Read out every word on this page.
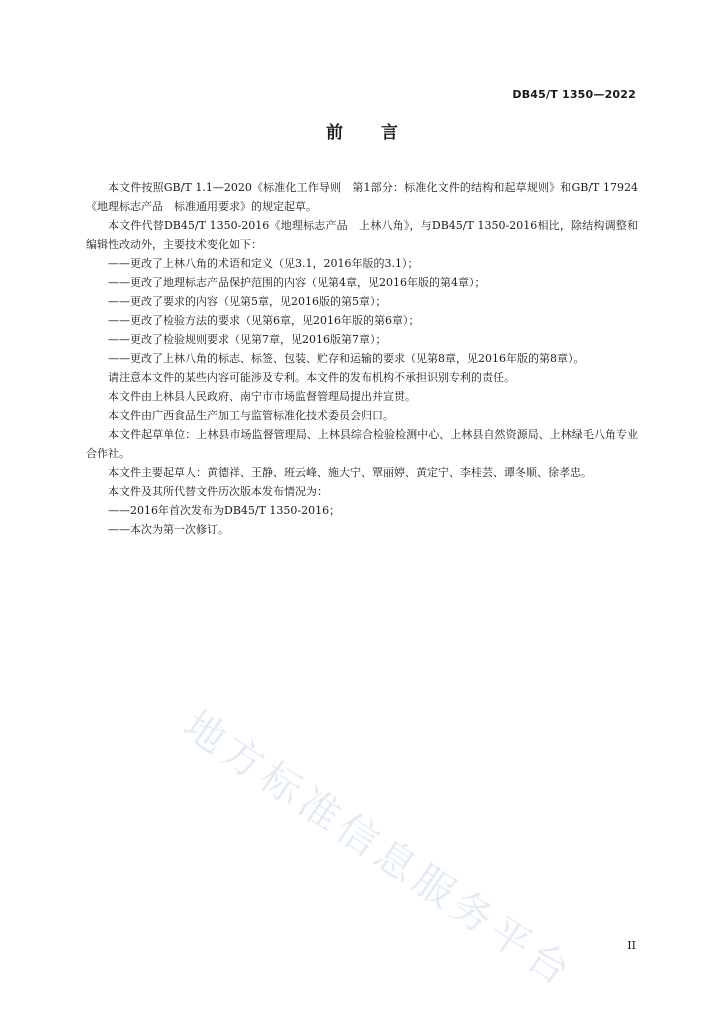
DB45/T 1350—2022
前言

本文件按照GB/T 1.1—2020《标准化工作导则　第1部分：标准化文件的结构和起草规则》和GB/T 17924《地理标志产品　标准通用要求》的规定起草。

本文件代替DB45/T 1350-2016《地理标志产品　上林八角》，与DB45/T 1350-2016相比，除结构调整和编辑性改动外，主要技术变化如下：

——更改了上林八角的术语和定义（见3.1，2016年版的3.1）；

——更改了地理标志产品保护范围的内容（见第4章，见2016年版的第4章）；

——更改了要求的内容（见第5章，见2016版的第5章）；

——更改了检验方法的要求（见第6章，见2016年版的第6章）；

——更改了检验规则要求（见第7章，见2016版第7章）；

——更改了上林八角的标志、标签、包装、贮存和运输的要求（见第8章，见2016年版的第8章）。

请注意本文件的某些内容可能涉及专利。本文件的发布机构不承担识别专利的责任。

本文件由上林县人民政府、南宁市市场监督管理局提出并宣贯。

本文件由广西食品生产加工与监管标准化技术委员会归口。

本文件起草单位：上林县市场监督管理局、上林县综合检验检测中心、上林县自然资源局、上林绿毛八角专业合作社。

本文件主要起草人：黄德祥、王静、班云峰、施大宁、覃丽婷、黄定宁、李桂芸、谭冬顺、徐孝忠。

本文件及其所代替文件历次版本发布情况为：

——2016年首次发布为DB45/T 1350-2016；

——本次为第一次修订。

地方标准信息服务平台	II
